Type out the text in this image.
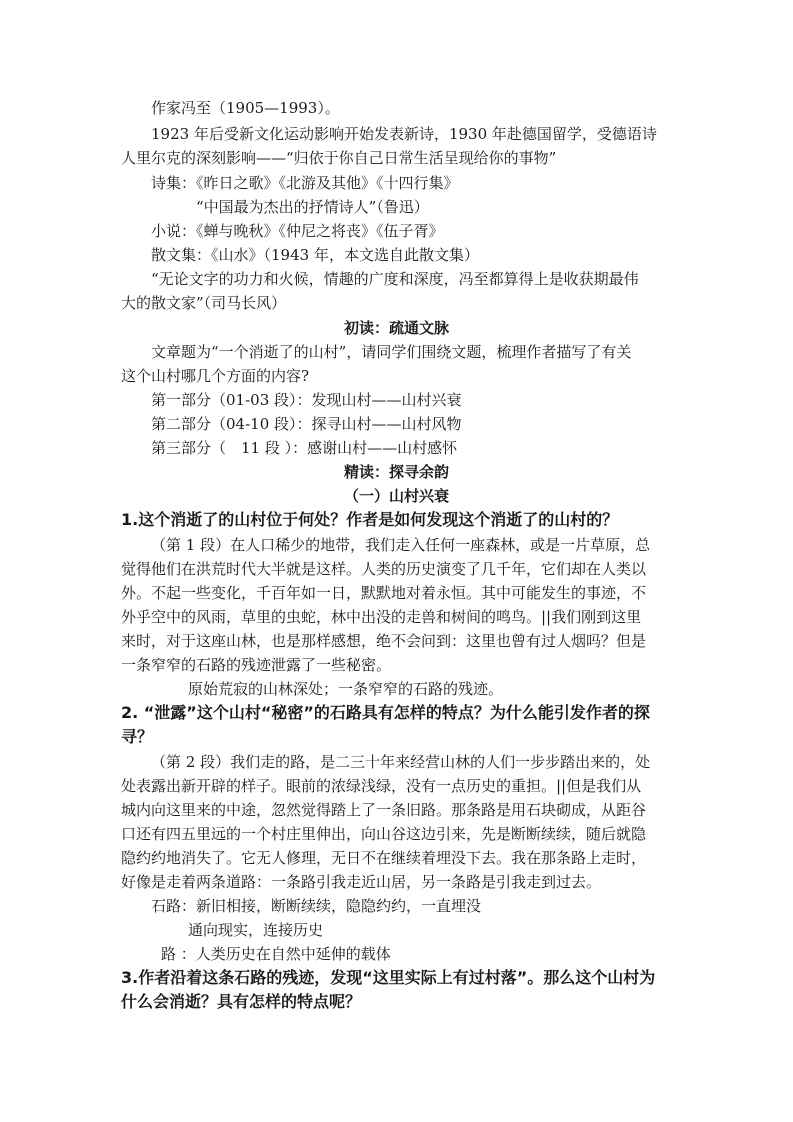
作家冯至（1905—1993）。
1923 年后受新文化运动影响开始发表新诗，1930 年赴德国留学，受德语诗
人里尔克的深刻影响——“归依于你自己日常生活呈现给你的事物”
诗集：《昨日之歌》《北游及其他》《十四行集》
“中国最为杰出的抒情诗人”（鲁迅）
小说：《蝉与晚秋》《仲尼之将丧》《伍子胥》
散文集：《山水》（1943 年，本文选自此散文集）
“无论文字的功力和火候，情趣的广度和深度，冯至都算得上是收获期最伟
大的散文家”（司马长风）
初读：疏通文脉
文章题为“一个消逝了的山村”，请同学们围绕文题，梳理作者描写了有关
这个山村哪几个方面的内容?
第一部分（01-03 段）：发现山村——山村兴衰
第二部分（04-10 段）：探寻山村——山村风物
第三部分（　11 段 ）：感谢山村——山村感怀
精读：探寻余韵
（一）山村兴衰
1.这个消逝了的山村位于何处？作者是如何发现这个消逝了的山村的？
（第 1 段）在人口稀少的地带，我们走入任何一座森林，或是一片草原，总
觉得他们在洪荒时代大半就是这样。人类的历史演变了几千年，它们却在人类以
外。不起一些变化，千百年如一日，默默地对着永恒。其中可能发生的事迹，不
外乎空中的风雨，草里的虫蛇，林中出没的走兽和树间的鸣鸟。||我们刚到这里
来时，对于这座山林，也是那样感想，绝不会问到：这里也曾有过人烟吗？但是
一条窄窄的石路的残迹泄露了一些秘密。
原始荒寂的山林深处；一条窄窄的石路的残迹。
2. “泄露”这个山村“秘密”的石路具有怎样的特点？为什么能引发作者的探
寻？
（第 2 段）我们走的路，是二三十年来经营山林的人们一步步踏出来的，处
处表露出新开辟的样子。眼前的浓绿浅绿，没有一点历史的重担。||但是我们从
城内向这里来的中途，忽然觉得踏上了一条旧路。那条路是用石块砌成，从距谷
口还有四五里远的一个村庄里伸出，向山谷这边引来，先是断断续续，随后就隐
隐约约地消失了。它无人修理，无日不在继续着埋没下去。我在那条路上走时，
好像是走着两条道路：一条路引我走近山居，另一条路是引我走到过去。
石路：新旧相接，断断续续，隐隐约约，一直埋没
通向现实，连接历史
路 ：人类历史在自然中延伸的载体
3.作者沿着这条石路的残迹，发现“这里实际上有过村落”。那么这个山村为
什么会消逝？具有怎样的特点呢？
